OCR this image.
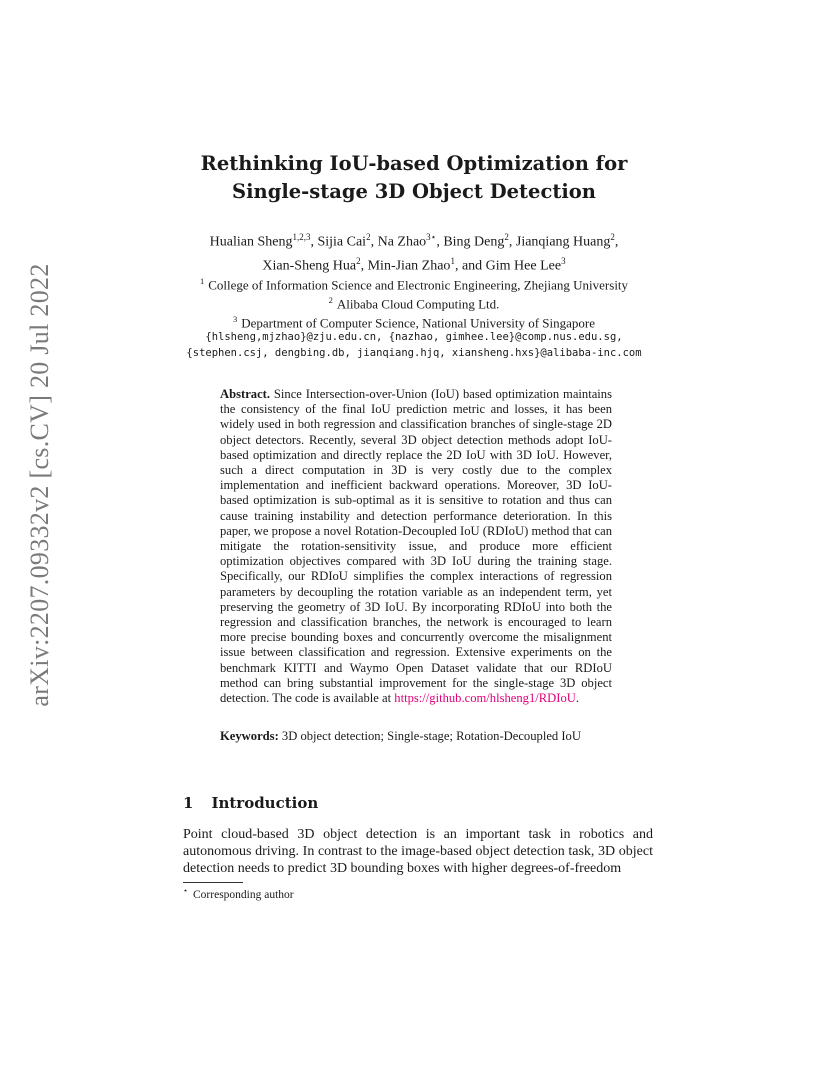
arXiv:2207.09332v2 [cs.CV] 20 Jul 2022
Rethinking IoU-based Optimization for
Single-stage 3D Object Detection
Hualian Sheng$^{1,2,3}$, Sijia Cai$^2$, Na Zhao$^{3⋆}$, Bing Deng$^2$, Jianqiang Huang$^2$,
Xian-Sheng Hua$^2$, Min-Jian Zhao$^1$, and Gim Hee Lee$^3$
$^1$ College of Information Science and Electronic Engineering, Zhejiang University
$^2$ Alibaba Cloud Computing Ltd.
$^3$ Department of Computer Science, National University of Singapore
{hlsheng,mjzhao}@zju.edu.cn, {nazhao, gimhee.lee}@comp.nus.edu.sg,
{stephen.csj, dengbing.db, jianqiang.hjq, xiansheng.hxs}@alibaba-inc.com
Abstract. Since Intersection-over-Union (IoU) based optimization maintains the consistency of the final IoU prediction metric and losses, it has been widely used in both regression and classification branches of single-stage 2D object detectors. Recently, several 3D object detection methods adopt IoU-based optimization and directly replace the 2D IoU with 3D IoU. However, such a direct computation in 3D is very costly due to the complex implementation and inefficient backward operations. Moreover, 3D IoU-based optimization is sub-optimal as it is sensitive to rotation and thus can cause training instability and detection performance deterioration. In this paper, we propose a novel Rotation-Decoupled IoU (RDIoU) method that can mitigate the rotation-sensitivity issue, and produce more efficient optimization objectives compared with 3D IoU during the training stage. Specifically, our RDIoU simplifies the complex interactions of regression parameters by decoupling the rotation variable as an independent term, yet preserving the geometry of 3D IoU. By incorporating RDIoU into both the regression and classification branches, the network is encouraged to learn more precise bounding boxes and concurrently overcome the misalignment issue between classification and regression. Extensive experiments on the benchmark KITTI and Waymo Open Dataset validate that our RDIoU method can bring substantial improvement for the single-stage 3D object detection. The code is available at https://github.com/hlsheng1/RDIoU.
Keywords: 3D object detection; Single-stage; Rotation-Decoupled IoU
1 Introduction
Point cloud-based 3D object detection is an important task in robotics and autonomous driving. In contrast to the image-based object detection task, 3D object detection needs to predict 3D bounding boxes with higher degrees-of-freedom
⋆ Corresponding author
